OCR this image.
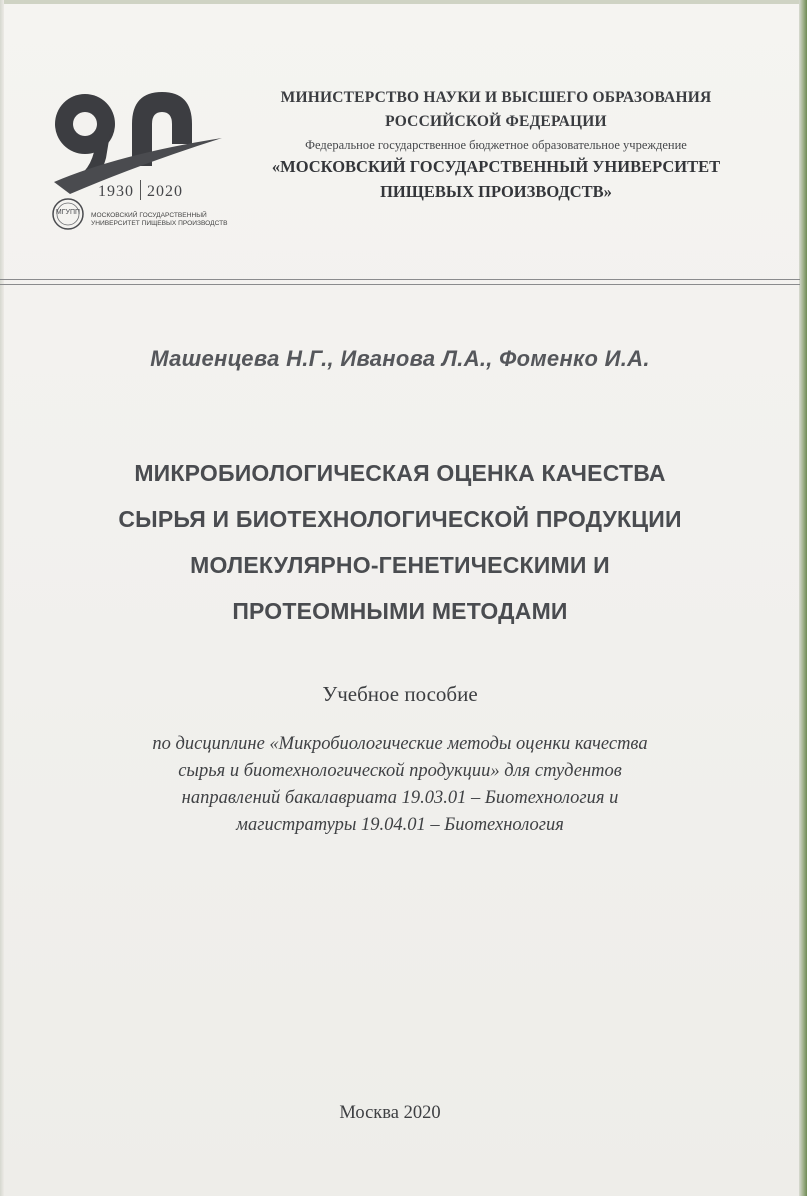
1930 2020
МГУПП	МОСКОВСКИЙ ГОСУДАРСТВЕННЫЙ
УНИВЕРСИТЕТ ПИЩЕВЫХ ПРОИЗВОДСТВ
МИНИСТЕРСТВО НАУКИ И ВЫСШЕГО ОБРАЗОВАНИЯ
РОССИЙСКОЙ ФЕДЕРАЦИИ
Федеральное государственное бюджетное образовательное учреждение
«МОСКОВСКИЙ ГОСУДАРСТВЕННЫЙ УНИВЕРСИТЕТ
ПИЩЕВЫХ ПРОИЗВОДСТВ»
Машенцева Н.Г., Иванова Л.А., Фоменко И.А.
МИКРОБИОЛОГИЧЕСКАЯ ОЦЕНКА КАЧЕСТВА
СЫРЬЯ И БИОТЕХНОЛОГИЧЕСКОЙ ПРОДУКЦИИ
МОЛЕКУЛЯРНО-ГЕНЕТИЧЕСКИМИ И
ПРОТЕОМНЫМИ МЕТОДАМИ
Учебное пособие
по дисциплине «Микробиологические методы оценки качества
сырья и биотехнологической продукции» для студентов
направлений бакалавриата 19.03.01 – Биотехнология и
магистратуры 19.04.01 – Биотехнология
Москва 2020
